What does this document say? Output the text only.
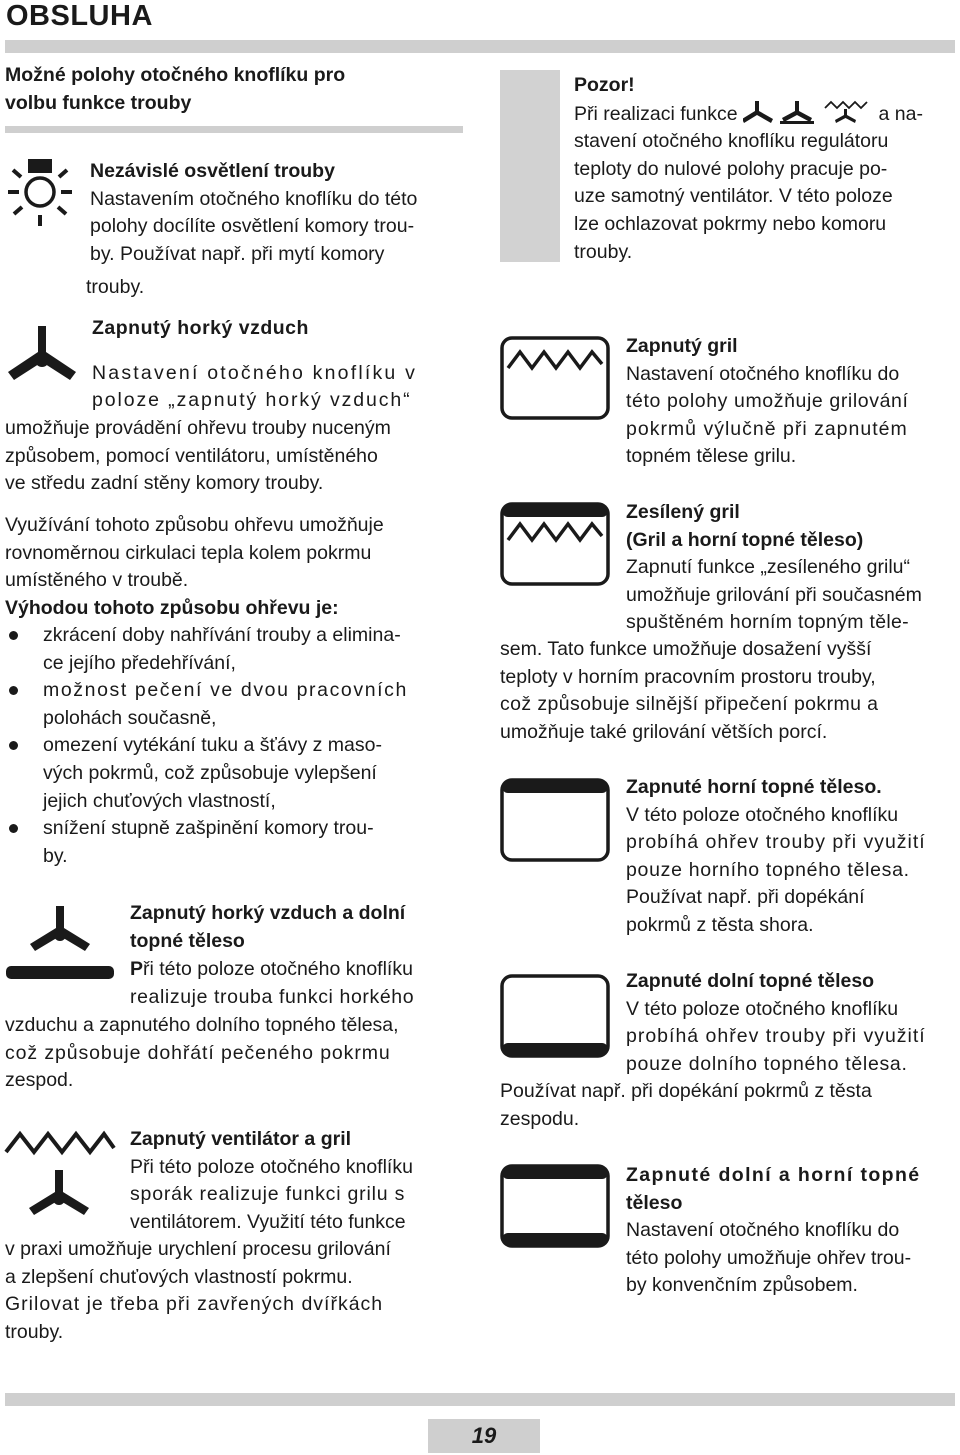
OBSLUHA

Možné polohy otočného knoflíku pro

volbu funkce trouby

Nezávislé osvětlení trouby

Nastavením otočného knoflíku do této

polohy docílíte osvětlení komory trou-

by. Používat např. při mytí komory

trouby.
Zapnutý horký vzduch
Nastavení otočného knoflíku v
poloze „zapnutý horký vzduch“

umožňuje provádění ohřevu trouby nuceným

způsobem, pomocí ventilátoru, umístěného

ve středu zadní stěny komory trouby.

Využívání tohoto způsobu ohřevu umožňuje

rovnoměrnou cirkulaci tepla kolem pokrmu

umístěného v troubě.

Výhodou tohoto způsobu ohřevu je:

zkrácení doby nahřívání trouby a elimina-
ce jejího předehřívání,
možnost pečení ve dvou pracovních
polohách současně,
omezení vytékání tuku a šťávy z maso-
vých pokrmů, což způsobuje vylepšení
jejich chuťových vlastností,
snížení stupně zašpinění komory trou-
by.

Zapnutý horký vzduch a dolní

topné těleso

Při této poloze otočného knoflíku

realizuje trouba funkci horkého

vzduchu a zapnutého dolního topného tělesa,

což způsobuje dohřátí pečeného pokrmu

zespod.

Zapnutý ventilátor a gril

Při této poloze otočného knoflíku

sporák realizuje funkci grilu s

ventilátorem. Využití této funkce

v praxi umožňuje urychlení procesu grilování

a zlepšení chuťových vlastností pokrmu.

Grilovat je třeba při zavřených dvířkách

trouby.

Pozor!

Při realizaci funkce	a na-

stavení otočného knoflíku regulátoru

teploty do nulové polohy pracuje po-

uze samotný ventilátor. V této poloze

lze ochlazovat pokrmy nebo komoru

trouby.

Zapnutý gril

Nastavení otočného knoflíku do

této polohy umožňuje grilování

pokrmů výlučně při zapnutém

topném tělese grilu.

Zesílený gril

(Gril a horní topné těleso)

Zapnutí funkce „zesíleného grilu“

umožňuje grilování při současném

spuštěném horním topným těle-

sem. Tato funkce umožňuje dosažení vyšší

teploty v horním pracovním prostoru trouby,

což způsobuje silnější připečení pokrmu a

umožňuje také grilování větších porcí.

Zapnuté horní topné těleso.

V této poloze otočného knoflíku

probíhá ohřev trouby při využití

pouze horního topného tělesa.

Používat např. při dopékání

pokrmů z těsta shora.

Zapnuté dolní topné těleso

V této poloze otočného knoflíku

probíhá ohřev trouby při využití

pouze dolního topného tělesa.

Používat např. při dopékání pokrmů z těsta

zespodu.

Zapnuté dolní a horní topné

těleso

Nastavení otočného knoflíku do

této polohy umožňuje ohřev trou-

by konvenčním způsobem.

19
